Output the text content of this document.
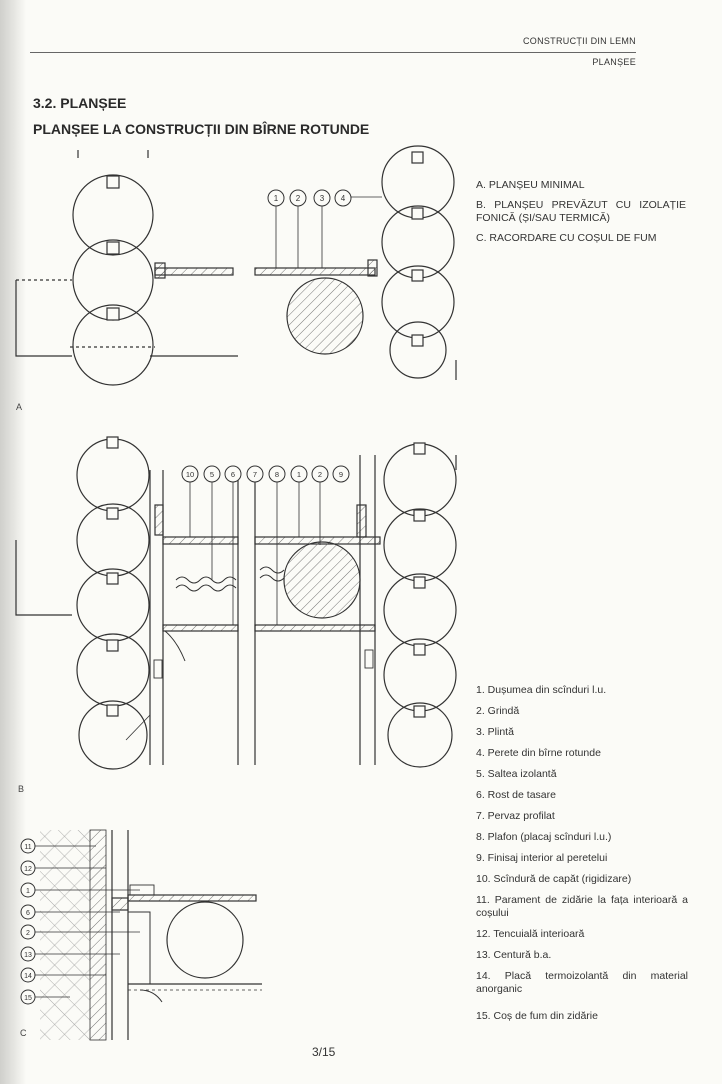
CONSTRUCȚII DIN LEMN
PLANȘEE
3.2. PLANȘEE
PLANȘEE LA CONSTRUCȚII DIN BÎRNE ROTUNDE

A. PLANȘEU MINIMAL

B. PLANȘEU PREVĂZUT CU IZOLAȚIE FONICĂ (ȘI/SAU TERMICĂ)

C. RACORDARE CU COȘUL DE FUM

1 2 3 4
10 5 6 7 8 1 2 9
11
12
1
6
2
13
14
15
A
B
C

1. Dușumea din scînduri l.u.

2. Grindă

3. Plintă

4. Perete din bîrne rotunde

5. Saltea izolantă

6. Rost de tasare

7. Pervaz profilat

8. Plafon (placaj scînduri l.u.)

9. Finisaj interior al peretelui

10. Scîndură de capăt (rigidizare)

11. Parament de zidărie la fața interioară a coșului

12. Tencuială interioară

13. Centură b.a.

14. Placă termoizolantă din material anorganic

15. Coș de fum din zidărie

3/15
